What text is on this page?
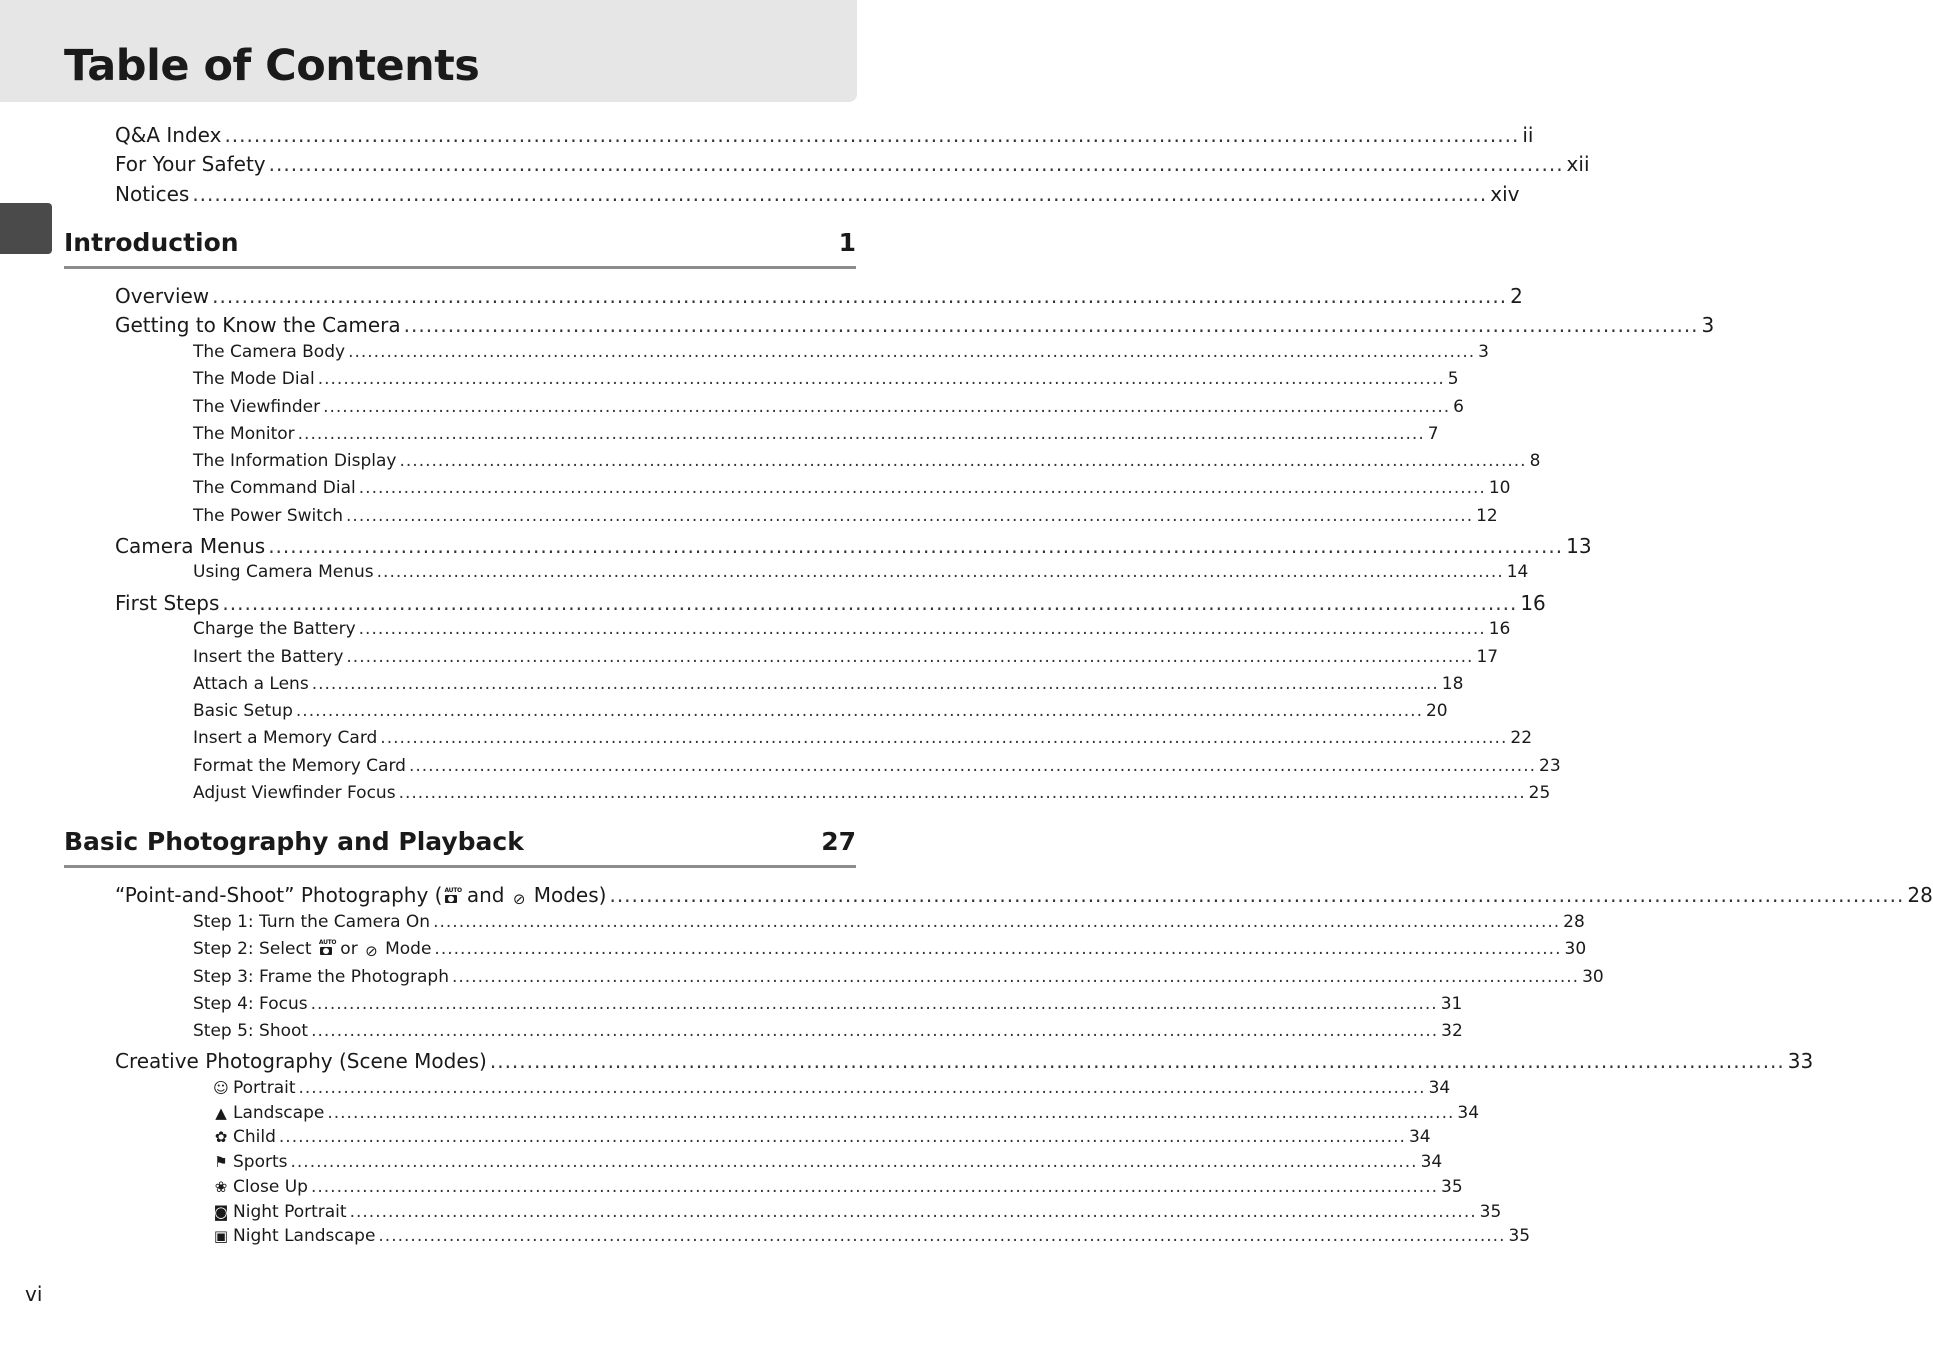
Table of Contents
Q&A Index ................................................................................................................................................................................ ii
For Your Safety ................................................................................................................................................................................ xii
Notices ................................................................................................................................................................................ xiv
Introduction	1
Overview ................................................................................................................................................................................ 2
Getting to Know the Camera ................................................................................................................................................................................ 3
The Camera Body ................................................................................................................................................................................ 3
The Mode Dial ................................................................................................................................................................................ 5
The Viewfinder ................................................................................................................................................................................ 6
The Monitor ................................................................................................................................................................................ 7
The Information Display ................................................................................................................................................................................ 8
The Command Dial ................................................................................................................................................................................ 10
The Power Switch ................................................................................................................................................................................ 12
Camera Menus ................................................................................................................................................................................ 13
Using Camera Menus ................................................................................................................................................................................ 14
First Steps ................................................................................................................................................................................ 16
Charge the Battery ................................................................................................................................................................................ 16
Insert the Battery ................................................................................................................................................................................ 17
Attach a Lens ................................................................................................................................................................................ 18
Basic Setup ................................................................................................................................................................................ 20
Insert a Memory Card ................................................................................................................................................................................ 22
Format the Memory Card ................................................................................................................................................................................ 23
Adjust Viewfinder Focus ................................................................................................................................................................................ 25
Basic Photography and Playback	27
“Point-and-Shoot” Photography ( AUTO
and ⊘ Modes) ................................................................................................................................................................................ 28
Step 1: Turn the Camera On ................................................................................................................................................................................ 28
Step 2: Select AUTO
or ⊘ Mode ................................................................................................................................................................................ 30
Step 3: Frame the Photograph ................................................................................................................................................................................ 30
Step 4: Focus ................................................................................................................................................................................ 31
Step 5: Shoot ................................................................................................................................................................................ 32
Creative Photography (Scene Modes) ................................................................................................................................................................................ 33
☺ Portrait ................................................................................................................................................................................ 34
▲ Landscape ................................................................................................................................................................................ 34
✿ Child ................................................................................................................................................................................ 34
⚑ Sports ................................................................................................................................................................................ 34
❀ Close Up ................................................................................................................................................................................ 35
◙ Night Portrait ................................................................................................................................................................................ 35
▣ Night Landscape ................................................................................................................................................................................ 35

vi
